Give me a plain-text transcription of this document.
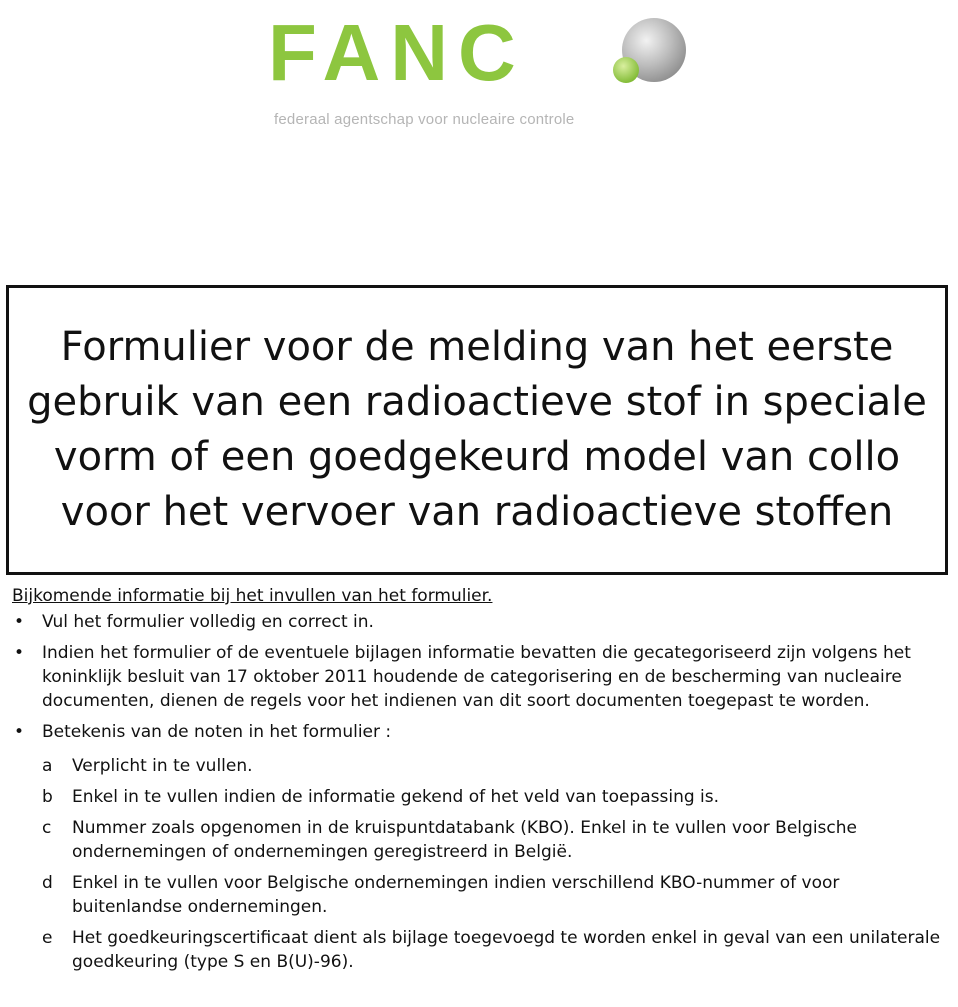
FANC
federaal agentschap voor nucleaire controle
Formulier voor de melding van het eerste
gebruik van een radioactieve stof in speciale
vorm of een goedgekeurd model van collo
voor het vervoer van radioactieve stoffen
Bijkomende informatie bij het invullen van het formulier.
• Vul het formulier volledig en correct in.
• Indien het formulier of de eventuele bijlagen informatie bevatten die gecategoriseerd zijn volgens het koninklijk besluit van 17 oktober 2011 houdende de categorisering en de bescherming van nucleaire documenten, dienen de regels voor het indienen van dit soort documenten toegepast te worden.
• Betekenis van de noten in het formulier :
a Verplicht in te vullen.
b Enkel in te vullen indien de informatie gekend of het veld van toepassing is.
c Nummer zoals opgenomen in de kruispuntdatabank (KBO). Enkel in te vullen voor Belgische ondernemingen of ondernemingen geregistreerd in België.
d Enkel in te vullen voor Belgische ondernemingen indien verschillend KBO-nummer of voor buitenlandse ondernemingen.
e Het goedkeuringscertificaat dient als bijlage toegevoegd te worden enkel in geval van een unilaterale goedkeuring (type S en B(U)-96).
